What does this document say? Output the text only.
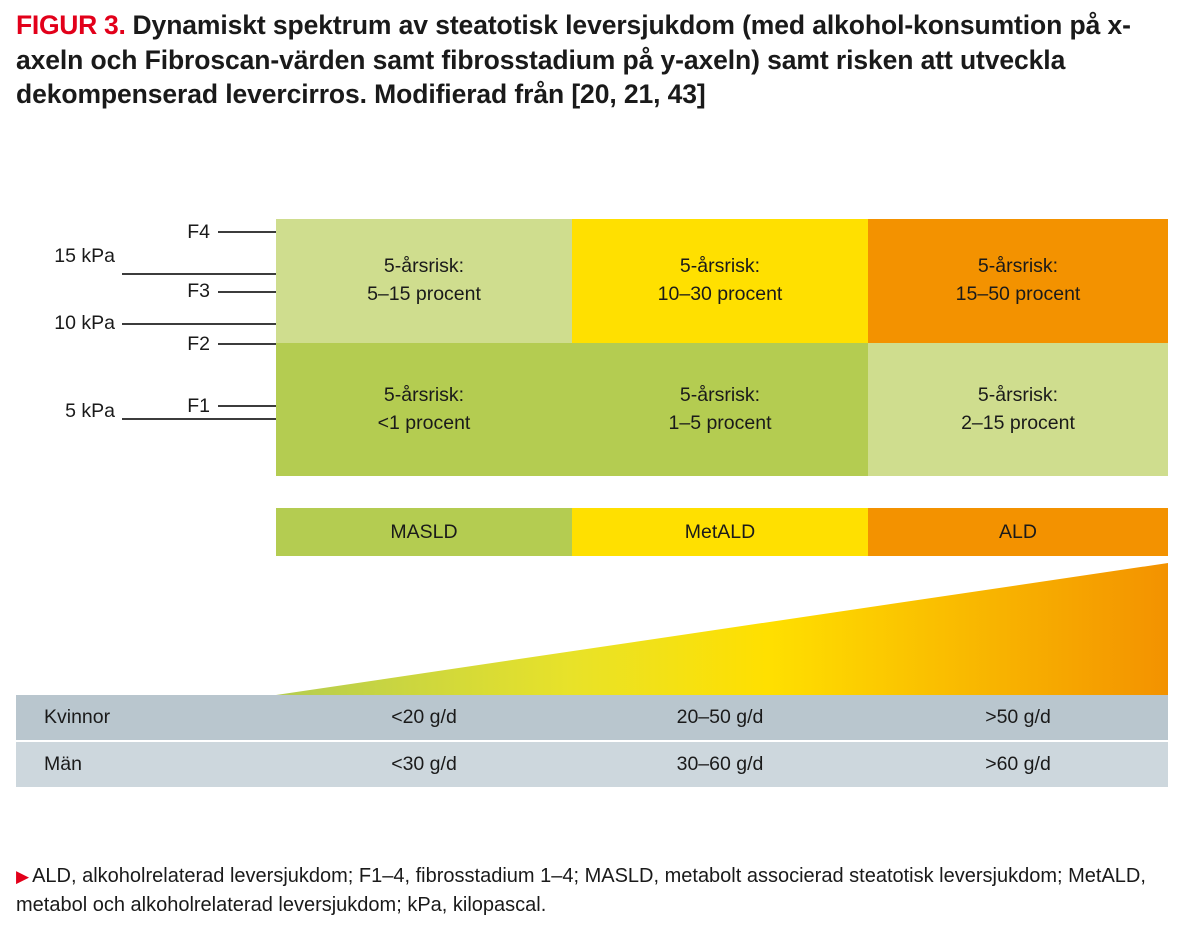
FIGUR 3. Dynamiskt spektrum av steatotisk leversjukdom (med alkohol-konsumtion på x-axeln och Fibroscan-värden samt fibrosstadium på y-axeln) samt risken att utveckla dekompenserad levercirros. Modifierad från [20, 21, 43]

15 kPa
10 kPa
5 kPa
F4
F3
F2
F1
5-årsrisk:
5–15 procent
5-årsrisk:
10–30 procent
5-årsrisk:
15–50 procent
5-årsrisk:
<1 procent
5-årsrisk:
1–5 procent
5-årsrisk:
2–15 procent
MASLD	MetALD	ALD
Kvinnor	<20 g/d	20–50 g/d	>50 g/d
Män	<30 g/d	30–60 g/d	>60 g/d
▶ ALD, alkoholrelaterad leversjukdom; F1–4, fibrosstadium 1–4; MASLD, metabolt associerad steatotisk leversjukdom; MetALD, metabol och alkoholrelaterad leversjukdom; kPa, kilopascal.
